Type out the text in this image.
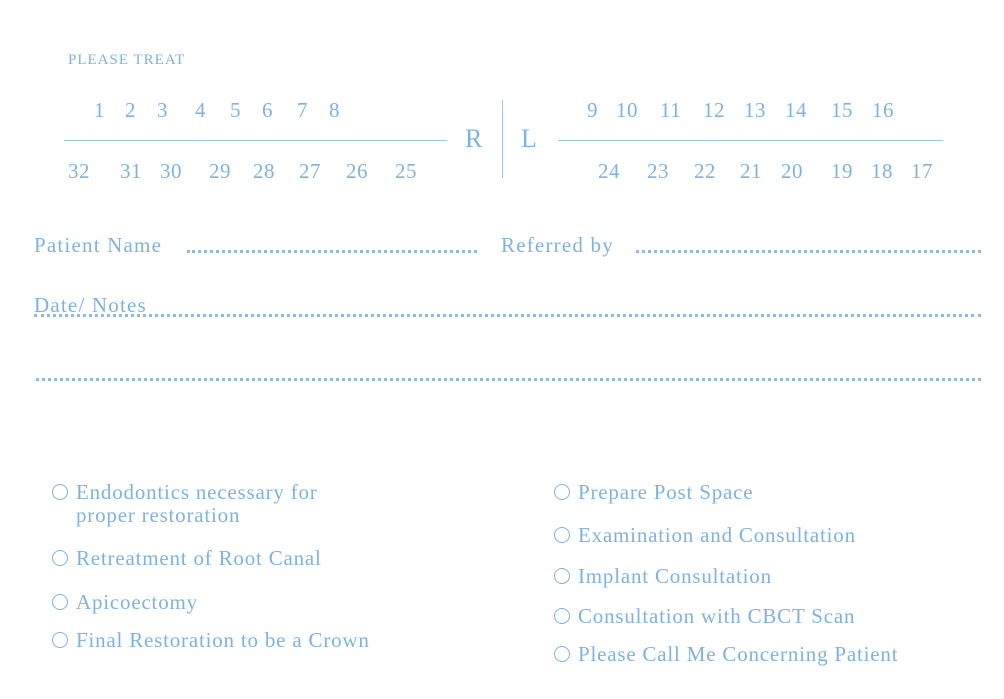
PLEASE TREAT
1 2 3 4 5 6 7 8	9 10 11 12 13 14 15 16
R L
32 31 30 29 28 27 26 25	24 23 22 21 20 19 18 17
Patient Name	Referred by
Date/ Notes
Endodontics necessary for
proper restoration
Retreatment of Root Canal
Apicoectomy
Final Restoration to be a Crown
Prepare Post Space
Examination and Consultation
Implant Consultation
Consultation with CBCT Scan
Please Call Me Concerning Patient
